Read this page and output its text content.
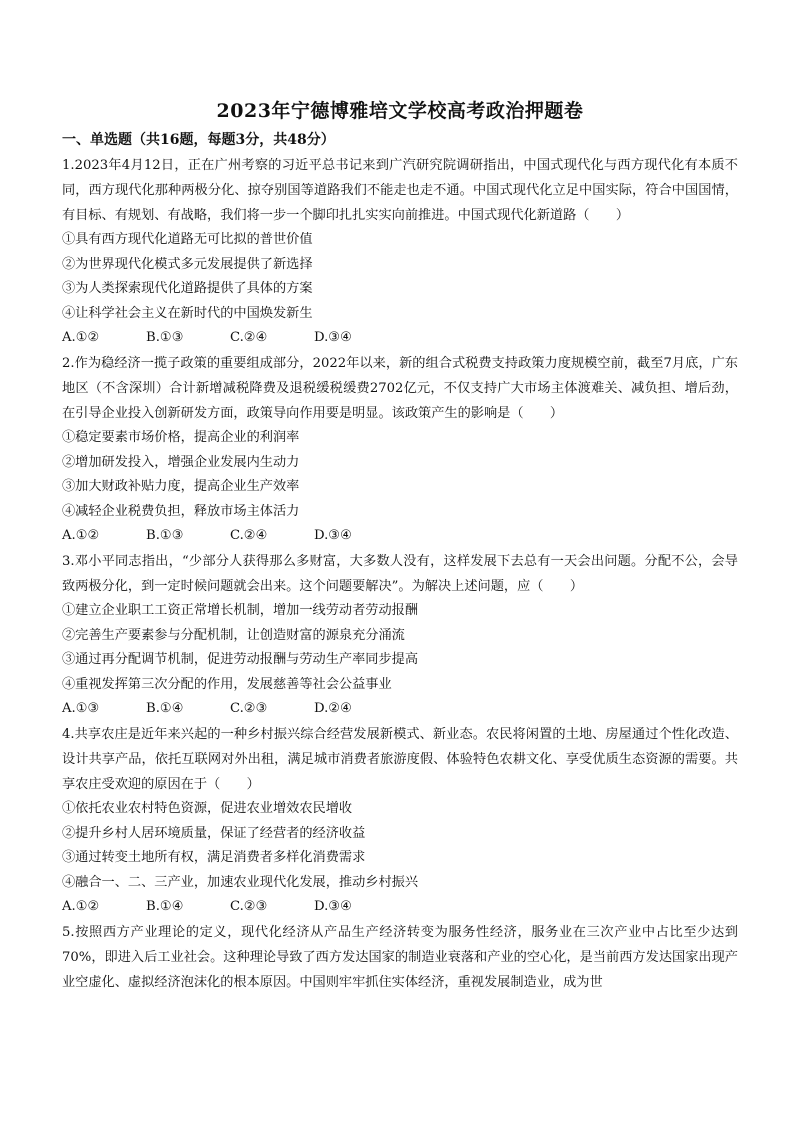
2023年宁德博雅培文学校高考政治押题卷

一、单选题（共16题，每题3分，共48分）

1.2023年4月12日，正在广州考察的习近平总书记来到广汽研究院调研指出，中国式现代化与西方现代化有本质不同，西方现代化那种两极分化、掠夺别国等道路我们不能走也走不通。中国式现代化立足中国实际，符合中国国情，有目标、有规划、有战略，我们将一步一个脚印扎扎实实向前推进。中国式现代化新道路（　　）

①具有西方现代化道路无可比拟的普世价值

②为世界现代化模式多元发展提供了新选择

③为人类探索现代化道路提供了具体的方案

④让科学社会主义在新时代的中国焕发新生

A.①②	B.①③	C.②④	D.③④

2.作为稳经济一揽子政策的重要组成部分，2022年以来，新的组合式税费支持政策力度规模空前，截至7月底，广东地区（不含深圳）合计新增减税降费及退税缓税缓费2702亿元，不仅支持广大市场主体渡难关、减负担、增后劲，在引导企业投入创新研发方面，政策导向作用要是明显。该政策产生的影响是（　　）

①稳定要素市场价格，提高企业的利润率

②增加研发投入，增强企业发展内生动力

③加大财政补贴力度，提高企业生产效率

④减轻企业税费负担，释放市场主体活力

A.①②	B.①③	C.②④	D.③④

3.邓小平同志指出，“少部分人获得那么多财富，大多数人没有，这样发展下去总有一天会出问题。分配不公，会导致两极分化，到一定时候问题就会出来。这个问题要解决”。为解决上述问题，应（　　）

①建立企业职工工资正常增长机制，增加一线劳动者劳动报酬

②完善生产要素参与分配机制，让创造财富的源泉充分涌流

③通过再分配调节机制，促进劳动报酬与劳动生产率同步提高

④重视发挥第三次分配的作用，发展慈善等社会公益事业

A.①③	B.①④	C.②③	D.②④

4.共享农庄是近年来兴起的一种乡村振兴综合经营发展新模式、新业态。农民将闲置的土地、房屋通过个性化改造、设计共享产品，依托互联网对外出租，满足城市消费者旅游度假、体验特色农耕文化、享受优质生态资源的需要。共享农庄受欢迎的原因在于（　　）

①依托农业农村特色资源，促进农业增效农民增收

②提升乡村人居环境质量，保证了经营者的经济收益

③通过转变土地所有权，满足消费者多样化消费需求

④融合一、二、三产业，加速农业现代化发展，推动乡村振兴

A.①②	B.①④	C.②③	D.③④

5.按照西方产业理论的定义，现代化经济从产品生产经济转变为服务性经济，服务业在三次产业中占比至少达到70%，即进入后工业社会。这种理论导致了西方发达国家的制造业衰落和产业的空心化，是当前西方发达国家出现产业空虚化、虚拟经济泡沫化的根本原因。中国则牢牢抓住实体经济，重视发展制造业，成为世
